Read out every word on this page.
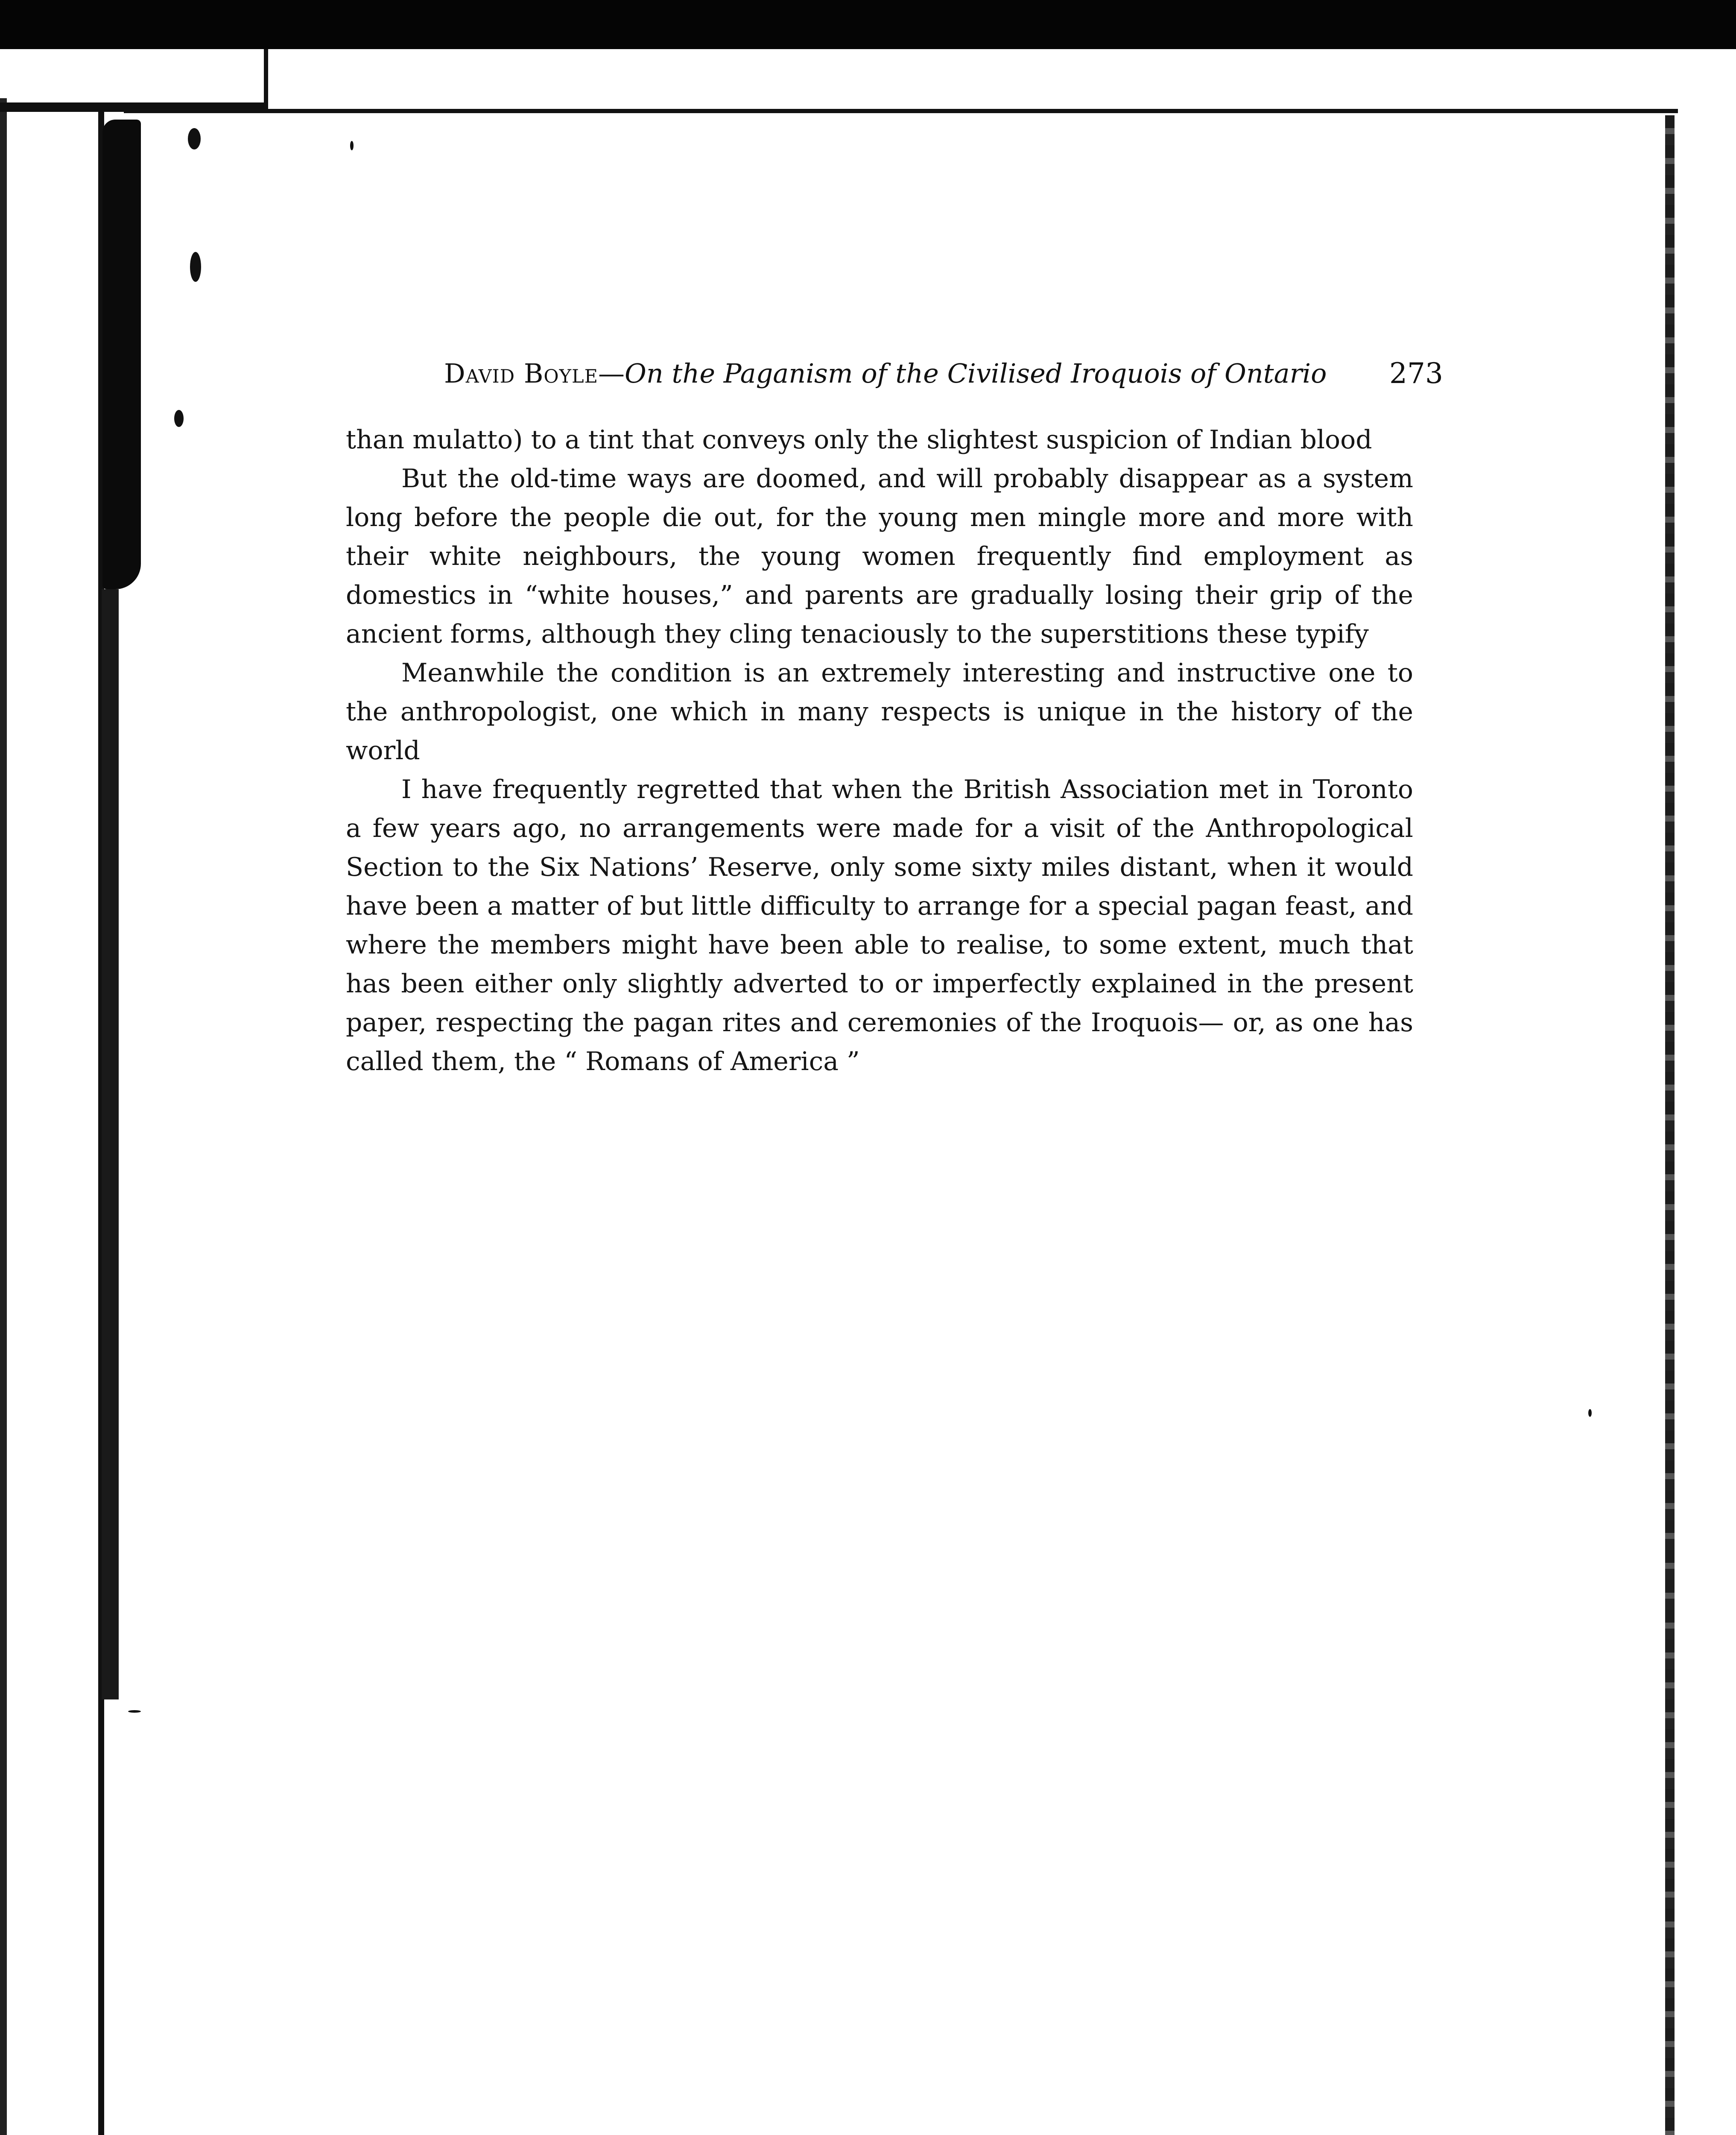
David Boyle—On the Paganism of the Civilised Iroquois of Ontario	273

than mulatto) to a tint that conveys only the slightest suspicion of Indian blood

But the old-time ways are doomed, and will probably disappear as a system long before the people die out, for the young men mingle more and more with their white neighbours, the young women frequently find employment as domestics in “white houses,” and parents are gradually losing their grip of the ancient forms, although they cling tenaciously to the superstitions these typify

Meanwhile the condition is an extremely interesting and instructive one to the anthropologist, one which in many respects is unique in the history of the world

I have frequently regretted that when the British Association met in Toronto a few years ago, no arrangements were made for a visit of the Anthropological Section to the Six Nations’ Reserve, only some sixty miles distant, when it would have been a matter of but little difficulty to arrange for a special pagan feast, and where the members might have been able to realise, to some extent, much that has been either only slightly adverted to or imperfectly explained in the present paper, respecting the pagan rites and ceremonies of the Iroquois— or, as one has called them, the “ Romans of America ”
